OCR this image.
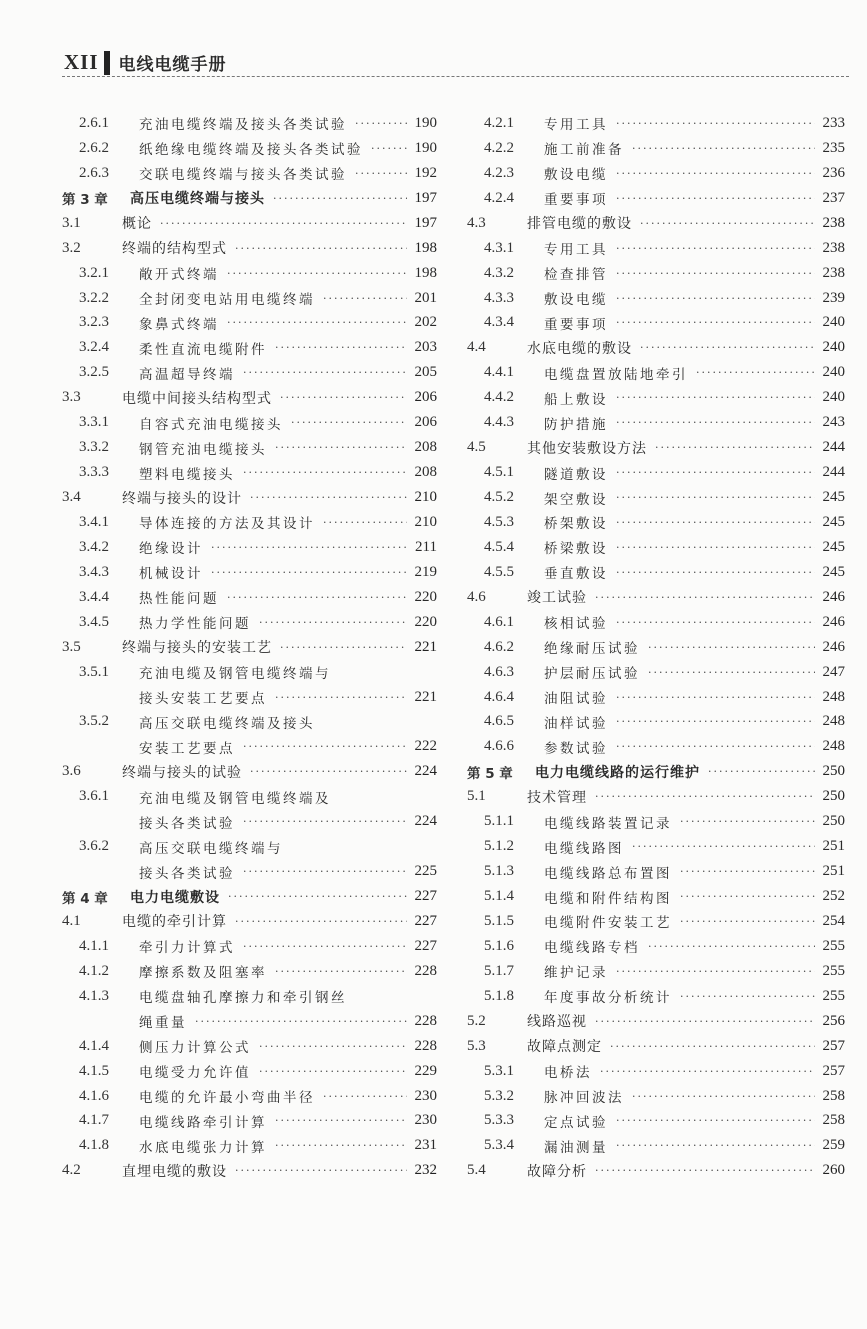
XII 电线电缆手册
2.6.1	充油电缆终端及接头各类试验 ·····	190
2.6.2	纸绝缘电缆终端及接头各类试验 ·····	190
2.6.3	交联电缆终端与接头各类试验 ·····	192
第 3 章	高压电缆终端与接头 ·····	197
3.1	概论 ·····	197
3.2	终端的结构型式 ·····	198
3.2.1	敞开式终端 ·····	198
3.2.2	全封闭变电站用电缆终端 ·····	201
3.2.3	象鼻式终端 ·····	202
3.2.4	柔性直流电缆附件 ·····	203
3.2.5	高温超导终端 ·····	205
3.3	电缆中间接头结构型式 ·····	206
3.3.1	自容式充油电缆接头 ·····	206
3.3.2	钢管充油电缆接头 ·····	208
3.3.3	塑料电缆接头 ·····	208
3.4	终端与接头的设计 ·····	210
3.4.1	导体连接的方法及其设计 ·····	210
3.4.2	绝缘设计 ·····	211
3.4.3	机械设计 ·····	219
3.4.4	热性能问题 ·····	220
3.4.5	热力学性能问题 ·····	220
3.5	终端与接头的安装工艺 ·····	221
3.5.1	充油电缆及钢管电缆终端与
接头安装工艺要点 ·····	221
3.5.2	高压交联电缆终端及接头
安装工艺要点 ·····	222
3.6	终端与接头的试验 ·····	224
3.6.1	充油电缆及钢管电缆终端及
接头各类试验 ·····	224
3.6.2	高压交联电缆终端与
接头各类试验 ·····	225
第 4 章	电力电缆敷设 ·····	227
4.1	电缆的牵引计算 ·····	227
4.1.1	牵引力计算式 ·····	227
4.1.2	摩擦系数及阻塞率 ·····	228
4.1.3	电缆盘轴孔摩擦力和牵引钢丝
绳重量 ·····	228
4.1.4	侧压力计算公式 ·····	228
4.1.5	电缆受力允许值 ·····	229
4.1.6	电缆的允许最小弯曲半径 ·····	230
4.1.7	电缆线路牵引计算 ·····	230
4.1.8	水底电缆张力计算 ·····	231
4.2	直埋电缆的敷设 ·····	232
4.2.1	专用工具 ·····	233
4.2.2	施工前准备 ·····	235
4.2.3	敷设电缆 ·····	236
4.2.4	重要事项 ·····	237
4.3	排管电缆的敷设 ·····	238
4.3.1	专用工具 ·····	238
4.3.2	检查排管 ·····	238
4.3.3	敷设电缆 ·····	239
4.3.4	重要事项 ·····	240
4.4	水底电缆的敷设 ·····	240
4.4.1	电缆盘置放陆地牵引 ·····	240
4.4.2	船上敷设 ·····	240
4.4.3	防护措施 ·····	243
4.5	其他安装敷设方法 ·····	244
4.5.1	隧道敷设 ·····	244
4.5.2	架空敷设 ·····	245
4.5.3	桥架敷设 ·····	245
4.5.4	桥梁敷设 ·····	245
4.5.5	垂直敷设 ·····	245
4.6	竣工试验 ·····	246
4.6.1	核相试验 ·····	246
4.6.2	绝缘耐压试验 ·····	246
4.6.3	护层耐压试验 ·····	247
4.6.4	油阻试验 ·····	248
4.6.5	油样试验 ·····	248
4.6.6	参数试验 ·····	248
第 5 章	电力电缆线路的运行维护 ·····	250
5.1	技术管理 ·····	250
5.1.1	电缆线路装置记录 ·····	250
5.1.2	电缆线路图 ·····	251
5.1.3	电缆线路总布置图 ·····	251
5.1.4	电缆和附件结构图 ·····	252
5.1.5	电缆附件安装工艺 ·····	254
5.1.6	电缆线路专档 ·····	255
5.1.7	维护记录 ·····	255
5.1.8	年度事故分析统计 ·····	255
5.2	线路巡视 ·····	256
5.3	故障点测定 ·····	257
5.3.1	电桥法 ·····	257
5.3.2	脉冲回波法 ·····	258
5.3.3	定点试验 ·····	258
5.3.4	漏油测量 ·····	259
5.4	故障分析 ·····	260
